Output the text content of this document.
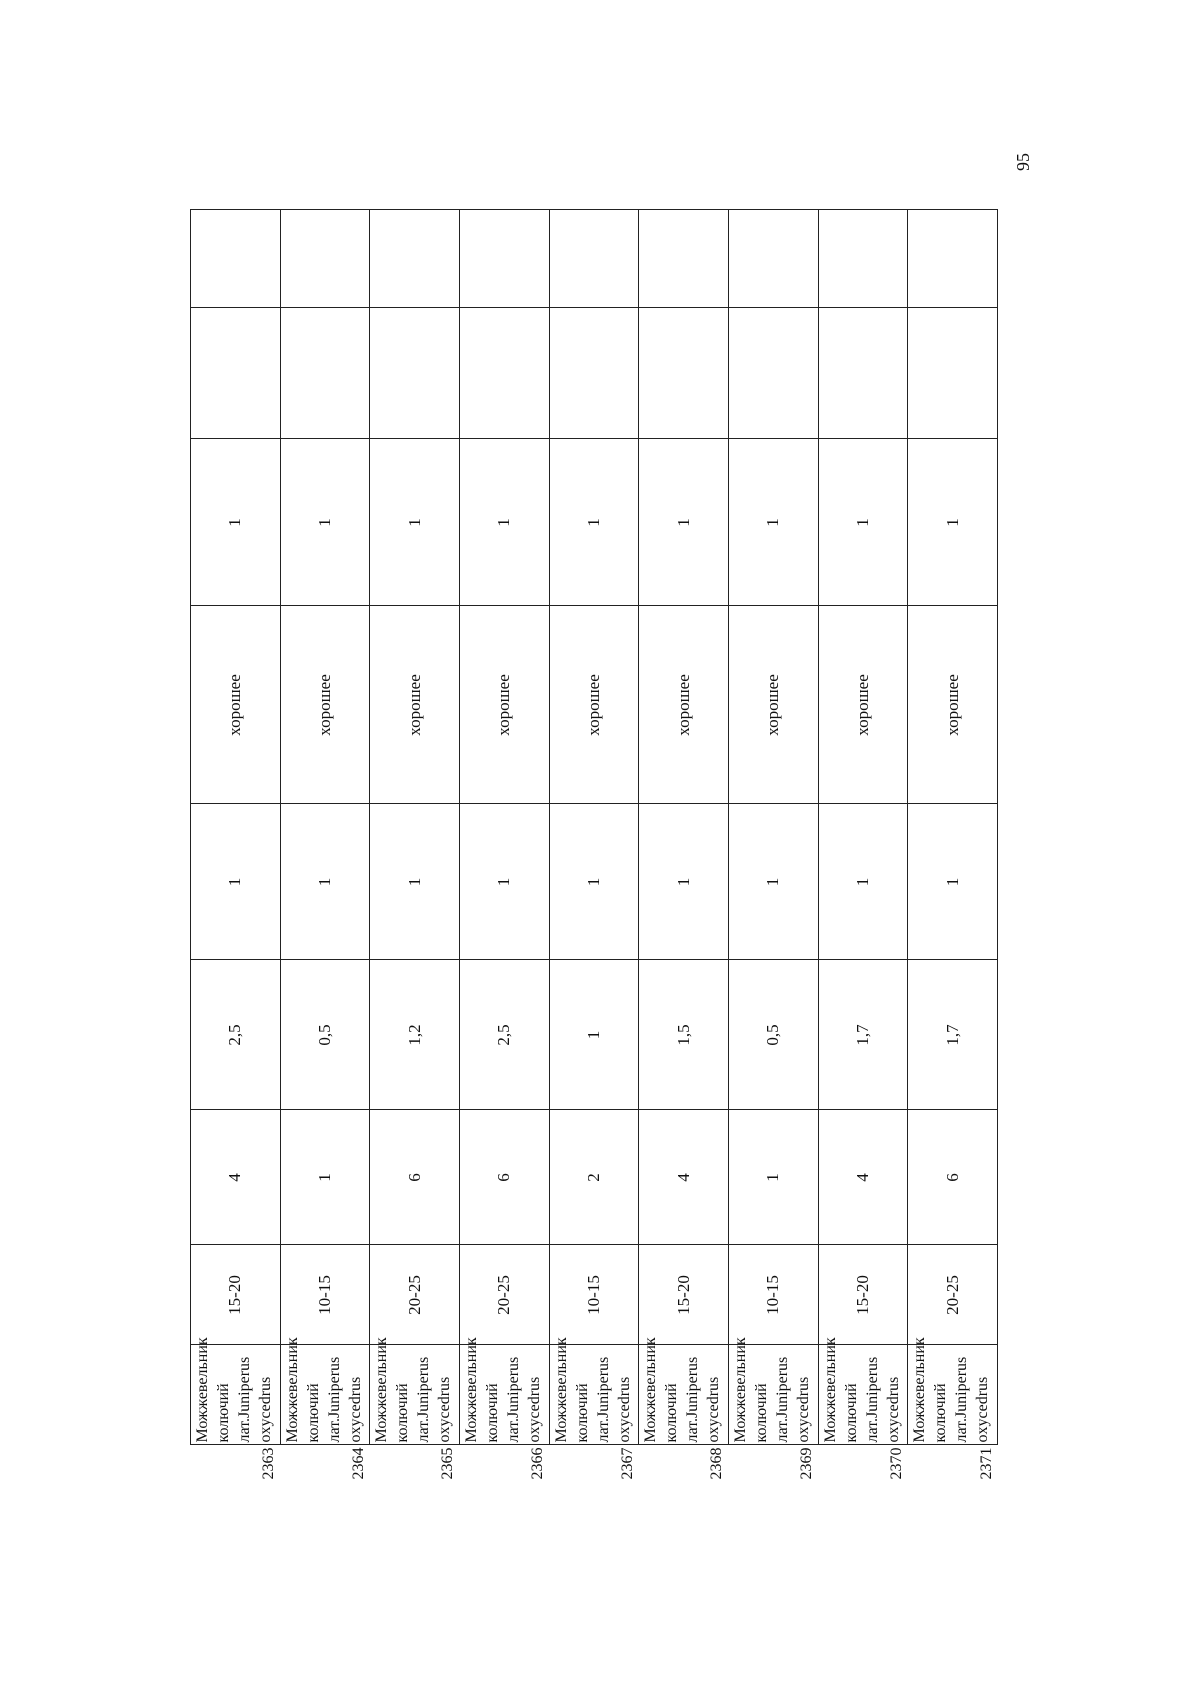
95
2363	Можжевельник колючий лат.Juniperus oxycedrus	15-20	4	2,5	1	хорошее	1		
2364	Можжевельник колючий лат.Juniperus oxycedrus	10-15	1	0,5	1	хорошее	1		
2365	Можжевельник колючий лат.Juniperus oxycedrus	20-25	6	1,2	1	хорошее	1		
2366	Можжевельник колючий лат.Juniperus oxycedrus	20-25	6	2,5	1	хорошее	1		
2367	Можжевельник колючий лат.Juniperus oxycedrus	10-15	2	1	1	хорошее	1		
2368	Можжевельник колючий лат.Juniperus oxycedrus	15-20	4	1,5	1	хорошее	1		
2369	Можжевельник колючий лат.Juniperus oxycedrus	10-15	1	0,5	1	хорошее	1		
2370	Можжевельник колючий лат.Juniperus oxycedrus	15-20	4	1,7	1	хорошее	1		
2371	Можжевельник колючий лат.Juniperus oxycedrus	20-25	6	1,7	1	хорошее	1		
